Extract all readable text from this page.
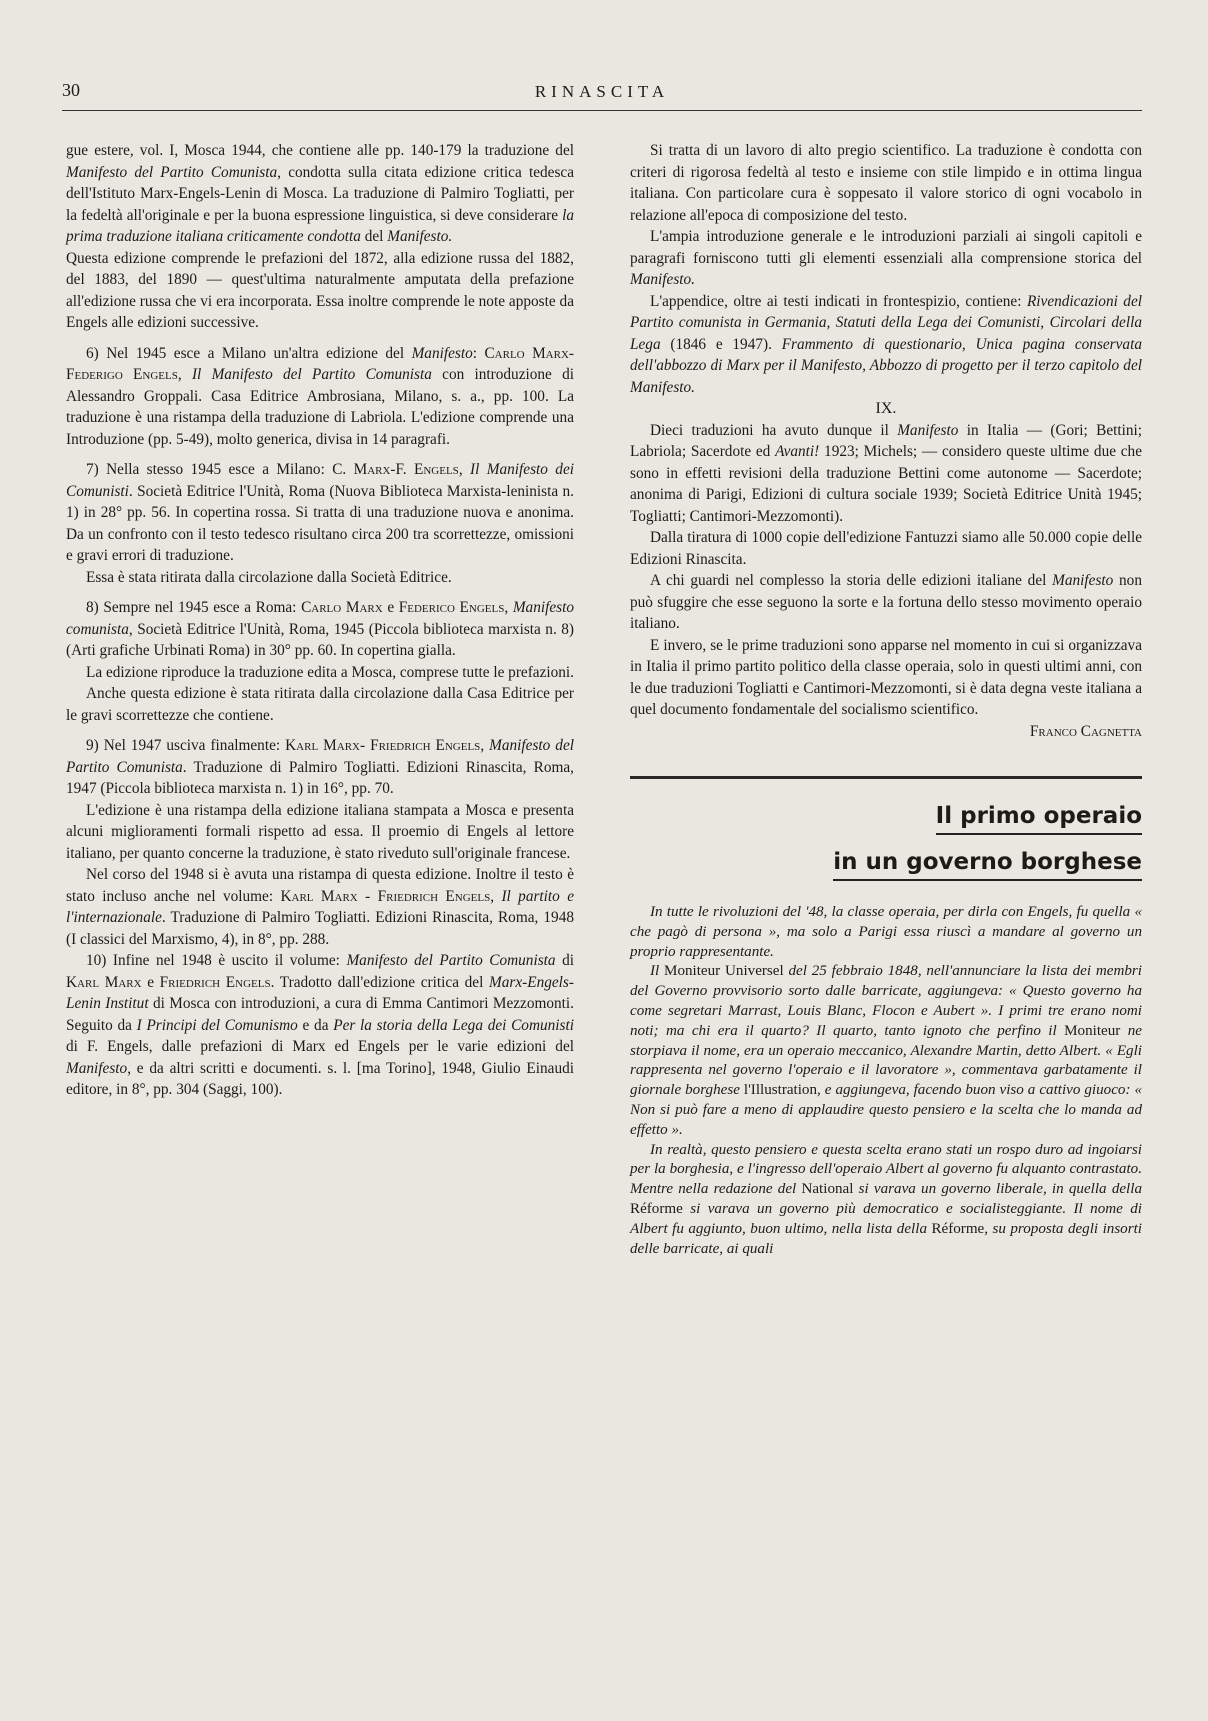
30	RINASCITA

gue estere, vol. I, Mosca 1944, che contiene alle pp. 140-179 la traduzione del Manifesto del Partito Comunista, condotta sulla citata edizione critica tedesca dell'Istituto Marx-Engels-Lenin di Mosca. La traduzione di Palmiro Togliatti, per la fedeltà all'originale e per la buona espressione linguistica, si deve considerare la prima traduzione italiana criticamente condotta del Manifesto.

Questa edizione comprende le prefazioni del 1872, alla edizione russa del 1882, del 1883, del 1890 — quest'ultima naturalmente amputata della prefazione all'edizione russa che vi era incorporata. Essa inoltre comprende le note apposte da Engels alle edizioni successive.

6) Nel 1945 esce a Milano un'altra edizione del Manifesto: Carlo Marx-Federigo Engels, Il Manifesto del Partito Comunista con introduzione di Alessandro Groppali. Casa Editrice Ambrosiana, Milano, s. a., pp. 100. La traduzione è una ristampa della traduzione di Labriola. L'edizione comprende una Introduzione (pp. 5-49), molto generica, divisa in 14 paragrafi.

7) Nella stesso 1945 esce a Milano: C. Marx-F. Engels, Il Manifesto dei Comunisti. Società Editrice l'Unità, Roma (Nuova Biblioteca Marxista-leninista n. 1) in 28° pp. 56. In copertina rossa. Si tratta di una traduzione nuova e anonima. Da un confronto con il testo tedesco risultano circa 200 tra scorrettezze, omissioni e gravi errori di traduzione.

Essa è stata ritirata dalla circolazione dalla Società Editrice.

8) Sempre nel 1945 esce a Roma: Carlo Marx e Federico Engels, Manifesto comunista, Società Editrice l'Unità, Roma, 1945 (Piccola biblioteca marxista n. 8) (Arti grafiche Urbinati Roma) in 30° pp. 60. In copertina gialla.

La edizione riproduce la traduzione edita a Mosca, comprese tutte le prefazioni.

Anche questa edizione è stata ritirata dalla circolazione dalla Casa Editrice per le gravi scorrettezze che contiene.

9) Nel 1947 usciva finalmente: Karl Marx- Friedrich Engels, Manifesto del Partito Comunista. Traduzione di Palmiro Togliatti. Edizioni Rinascita, Roma, 1947 (Piccola biblioteca marxista n. 1) in 16°, pp. 70.

L'edizione è una ristampa della edizione italiana stampata a Mosca e presenta alcuni miglioramenti formali rispetto ad essa. Il proemio di Engels al lettore italiano, per quanto concerne la traduzione, è stato riveduto sull'originale francese.

Nel corso del 1948 si è avuta una ristampa di questa edizione. Inoltre il testo è stato incluso anche nel volume: Karl Marx - Friedrich Engels, Il partito e l'internazionale. Traduzione di Palmiro Togliatti. Edizioni Rinascita, Roma, 1948 (I classici del Marxismo, 4), in 8°, pp. 288.

10) Infine nel 1948 è uscito il volume: Manifesto del Partito Comunista di Karl Marx e Friedrich Engels. Tradotto dall'edizione critica del Marx-Engels-Lenin Institut di Mosca con introduzioni, a cura di Emma Cantimori Mezzomonti. Seguito da I Principi del Comunismo e da Per la storia della Lega dei Comunisti di F. Engels, dalle prefazioni di Marx ed Engels per le varie edizioni del Manifesto, e da altri scritti e documenti. s. l. [ma Torino], 1948, Giulio Einaudi editore, in 8°, pp. 304 (Saggi, 100).

Si tratta di un lavoro di alto pregio scientifico. La traduzione è condotta con criteri di rigorosa fedeltà al testo e insieme con stile limpido e in ottima lingua italiana. Con particolare cura è soppesato il valore storico di ogni vocabolo in relazione all'epoca di composizione del testo.

L'ampia introduzione generale e le introduzioni parziali ai singoli capitoli e paragrafi forniscono tutti gli elementi essenziali alla comprensione storica del Manifesto.

L'appendice, oltre ai testi indicati in frontespizio, contiene: Rivendicazioni del Partito comunista in Germania, Statuti della Lega dei Comunisti, Circolari della Lega (1846 e 1947). Frammento di questionario, Unica pagina conservata dell'abbozzo di Marx per il Manifesto, Abbozzo di progetto per il terzo capitolo del Manifesto.

IX.

Dieci traduzioni ha avuto dunque il Manifesto in Italia — (Gori; Bettini; Labriola; Sacerdote ed Avanti! 1923; Michels; — considero queste ultime due che sono in effetti revisioni della traduzione Bettini come autonome — Sacerdote; anonima di Parigi, Edizioni di cultura sociale 1939; Società Editrice Unità 1945; Togliatti; Cantimori-Mezzomonti).

Dalla tiratura di 1000 copie dell'edizione Fantuzzi siamo alle 50.000 copie delle Edizioni Rinascita.

A chi guardi nel complesso la storia delle edizioni italiane del Manifesto non può sfuggire che esse seguono la sorte e la fortuna dello stesso movimento operaio italiano.

E invero, se le prime traduzioni sono apparse nel momento in cui si organizzava in Italia il primo partito politico della classe operaia, solo in questi ultimi anni, con le due traduzioni Togliatti e Cantimori-Mezzomonti, si è data degna veste italiana a quel documento fondamentale del socialismo scientifico.

Franco Cagnetta

Il primo operaio
in un governo borghese

In tutte le rivoluzioni del '48, la classe operaia, per dirla con Engels, fu quella « che pagò di persona », ma solo a Parigi essa riuscì a mandare al governo un proprio rappresentante.

Il Moniteur Universel del 25 febbraio 1848, nell'annunciare la lista dei membri del Governo provvisorio sorto dalle barricate, aggiungeva: « Questo governo ha come segretari Marrast, Louis Blanc, Flocon e Aubert ». I primi tre erano nomi noti; ma chi era il quarto? Il quarto, tanto ignoto che perfino il Moniteur ne storpiava il nome, era un operaio meccanico, Alexandre Martin, detto Albert. « Egli rappresenta nel governo l'operaio e il lavoratore », commentava garbatamente il giornale borghese l'Illustration, e aggiungeva, facendo buon viso a cattivo giuoco: « Non si può fare a meno di applaudire questo pensiero e la scelta che lo manda ad effetto ».

In realtà, questo pensiero e questa scelta erano stati un rospo duro ad ingoiarsi per la borghesia, e l'ingresso dell'operaio Albert al governo fu alquanto contrastato. Mentre nella redazione del National si varava un governo liberale, in quella della Réforme si varava un governo più democratico e socialisteggiante. Il nome di Albert fu aggiunto, buon ultimo, nella lista della Réforme, su proposta degli insorti delle barricate, ai quali
